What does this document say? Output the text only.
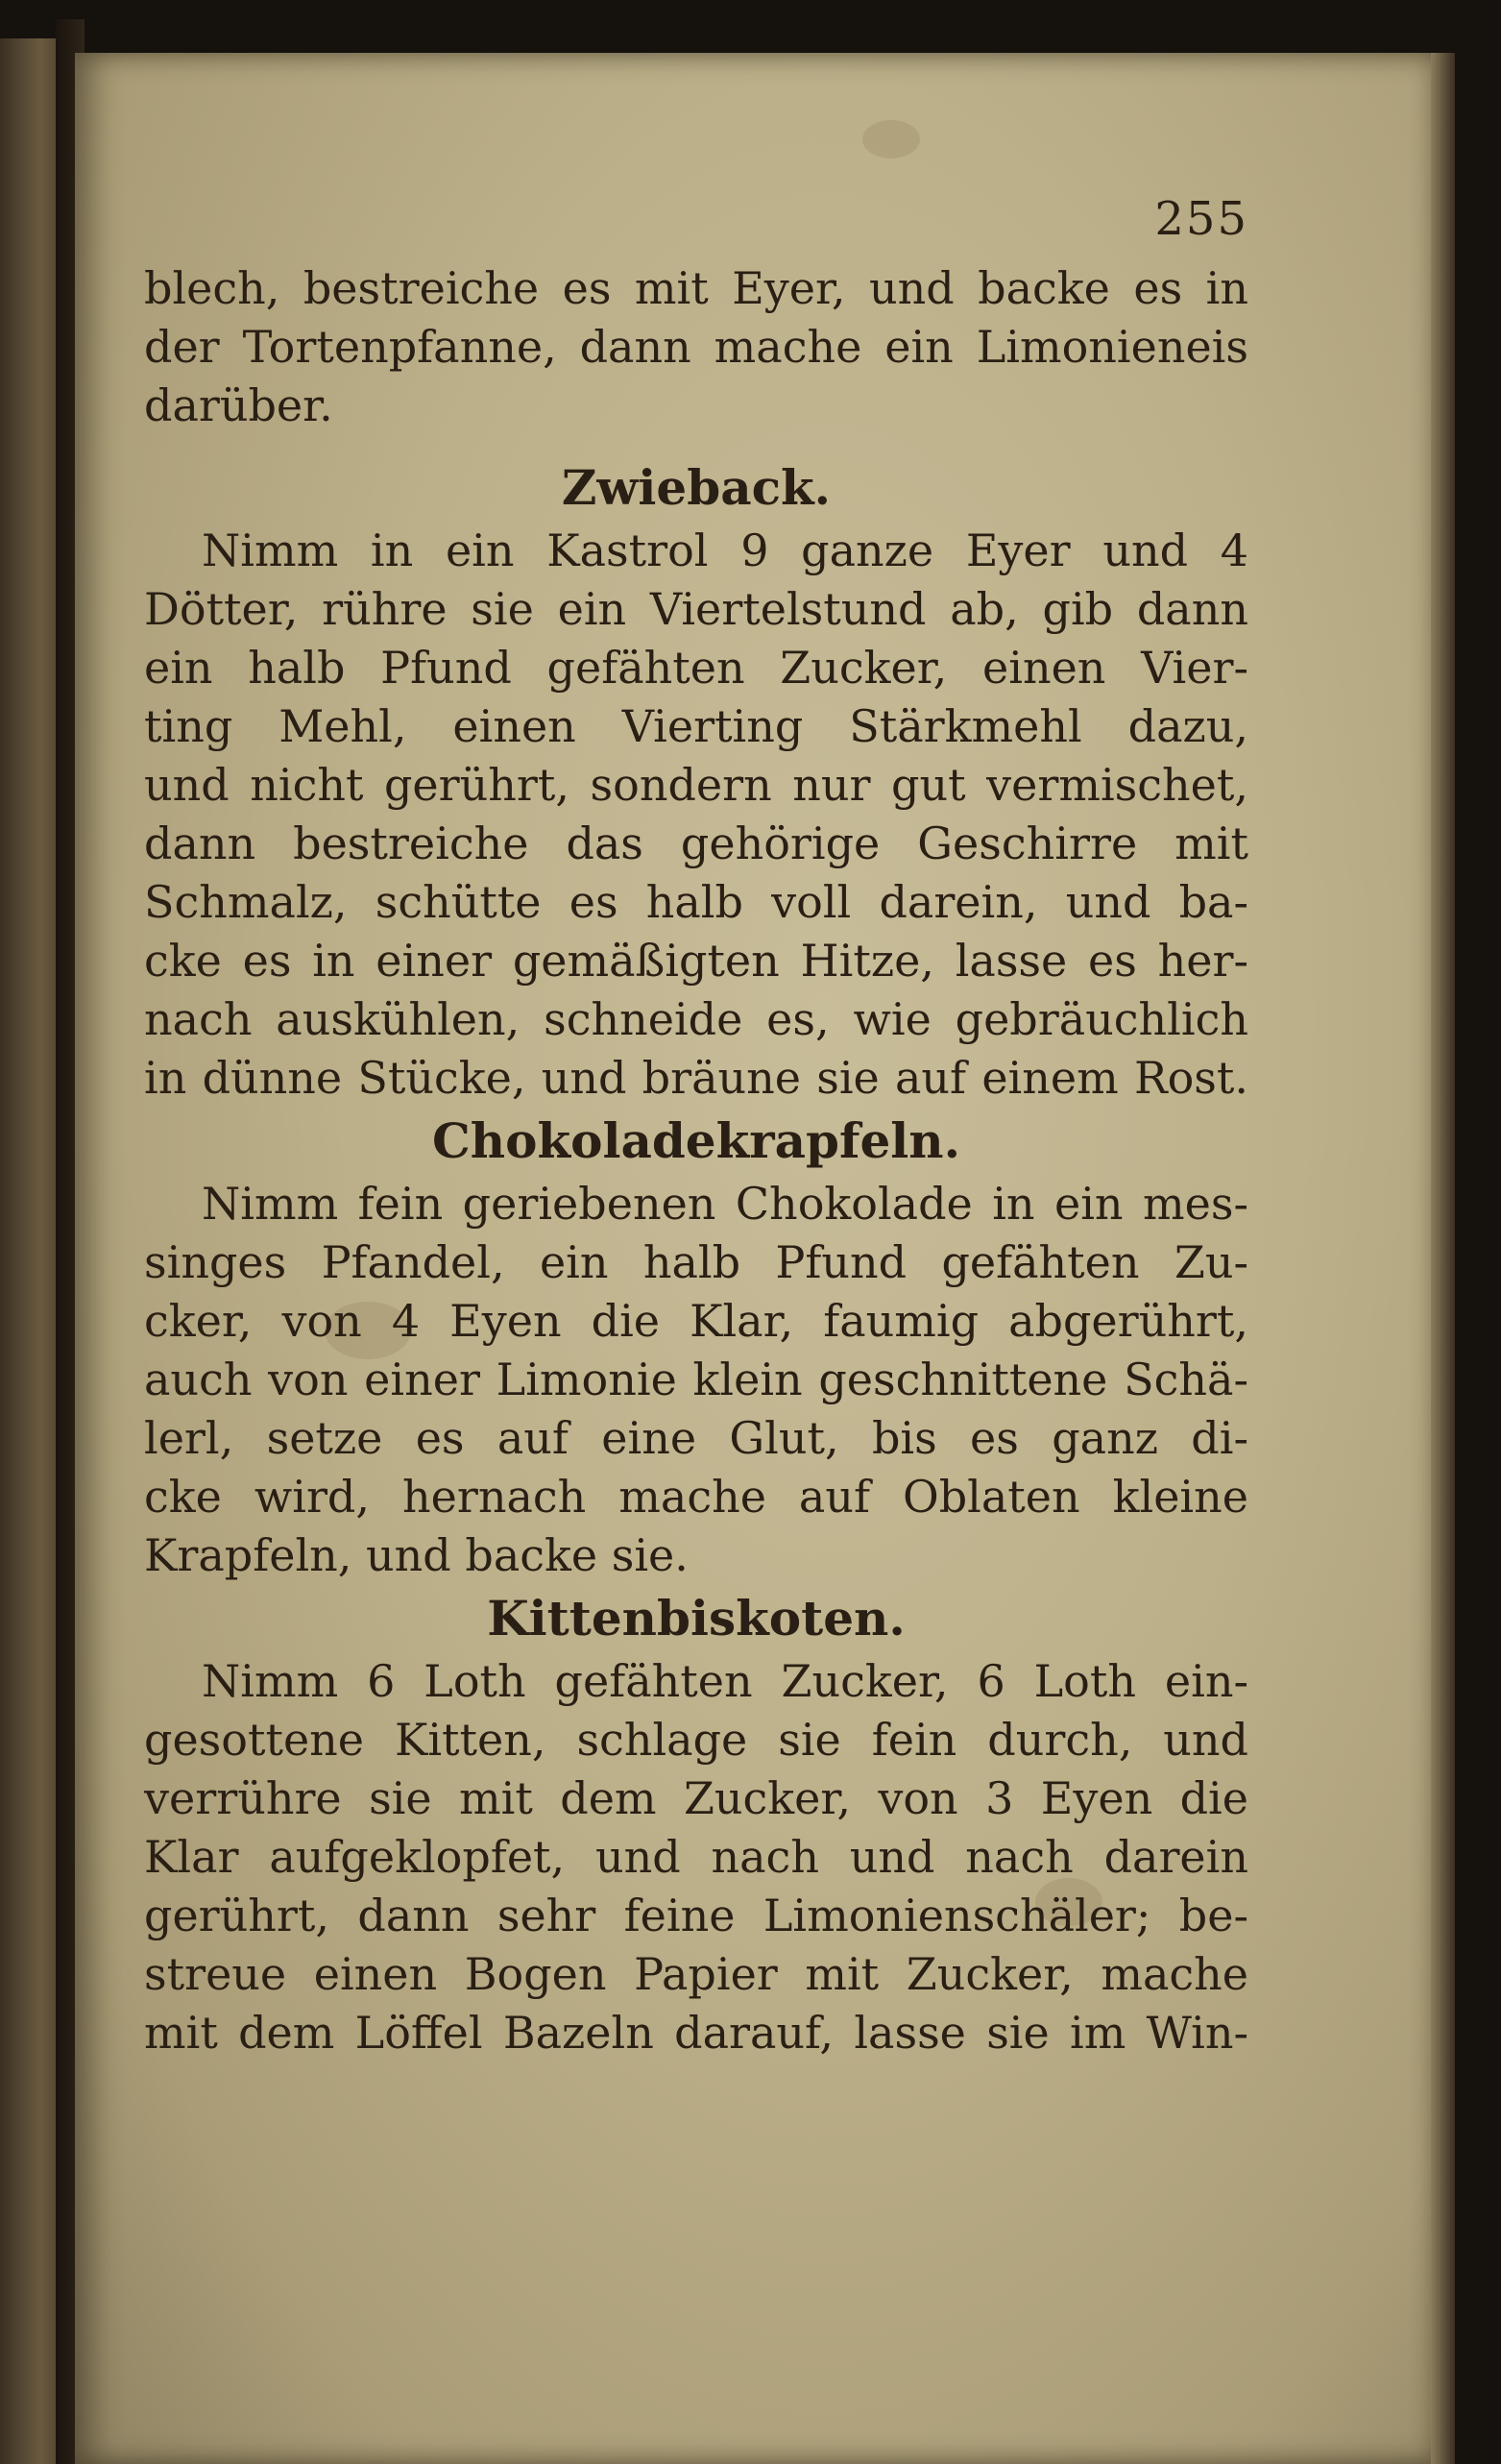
255
blech, bestreiche es mit Eyer, und backe es in
der Tortenpfanne, dann mache ein Limonieneis
darüber.
Zwieback.
Nimm in ein Kastrol 9 ganze Eyer und 4
Dötter, rühre sie ein Viertelstund ab, gib dann
ein halb Pfund gefähten Zucker, einen Vier-
ting Mehl, einen Vierting Stärkmehl dazu,
und nicht gerührt, sondern nur gut vermischet,
dann bestreiche das gehörige Geschirre mit
Schmalz, schütte es halb voll darein, und ba-
cke es in einer gemäßigten Hitze, lasse es her-
nach auskühlen, schneide es, wie gebräuchlich
in dünne Stücke, und bräune sie auf einem Rost.
Chokoladekrapfeln.
Nimm fein geriebenen Chokolade in ein mes-
singes Pfandel, ein halb Pfund gefähten Zu-
cker, von 4 Eyen die Klar, faumig abgerührt,
auch von einer Limonie klein geschnittene Schä-
lerl, setze es auf eine Glut, bis es ganz di-
cke wird, hernach mache auf Oblaten kleine
Krapfeln, und backe sie.
Kittenbiskoten.
Nimm 6 Loth gefähten Zucker, 6 Loth ein-
gesottene Kitten, schlage sie fein durch, und
verrühre sie mit dem Zucker, von 3 Eyen die
Klar aufgeklopfet, und nach und nach darein
gerührt, dann sehr feine Limonienschäler; be-
streue einen Bogen Papier mit Zucker, mache
mit dem Löffel Bazeln darauf, lasse sie im Win-
